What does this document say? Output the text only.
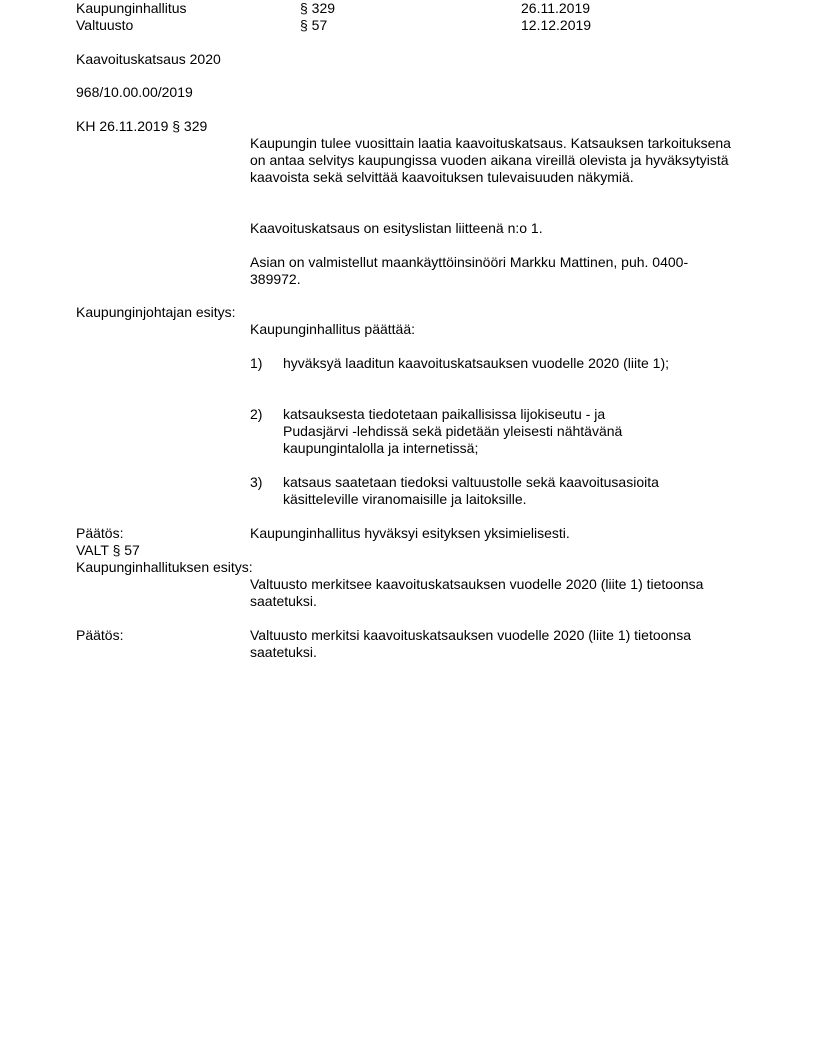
Kaupunginhallitus	§ 329	26.11.2019
Valtuusto	§ 57	12.12.2019
Kaavoituskatsaus 2020
968/10.00.00/2019
KH 26.11.2019 § 329
Kaupungin tulee vuosittain laatia kaavoituskatsaus. Katsauksen tarkoituksena on antaa selvitys kaupungissa vuoden aikana vireillä olevista ja hyväksytyistä kaavoista sekä selvittää kaavoituksen tulevaisuuden näkymiä.
Kaavoituskatsaus on esityslistan liitteenä n:o 1.
Asian on valmistellut maankäyttöinsinööri Markku Mattinen, puh. 0400-389972.
Kaupunginjohtajan esitys:
Kaupunginhallitus päättää:
1) hyväksyä laaditun kaavoituskatsauksen vuodelle 2020 (liite 1);
2) katsauksesta tiedotetaan paikallisissa lijokiseutu - ja Pudasjärvi -lehdissä sekä pidetään yleisesti nähtävänä kaupungintalolla ja internetissä;
3) katsaus saatetaan tiedoksi valtuustolle sekä kaavoitusasioita käsitteleville viranomaisille ja laitoksille.
Päätös:	Kaupunginhallitus hyväksyi esityksen yksimielisesti.
VALT § 57
Kaupunginhallituksen esitys:
Valtuusto merkitsee kaavoituskatsauksen vuodelle 2020 (liite 1) tietoonsa saatetuksi.
Päätös:	Valtuusto merkitsi kaavoituskatsauksen vuodelle 2020 (liite 1) tietoonsa saatetuksi.
